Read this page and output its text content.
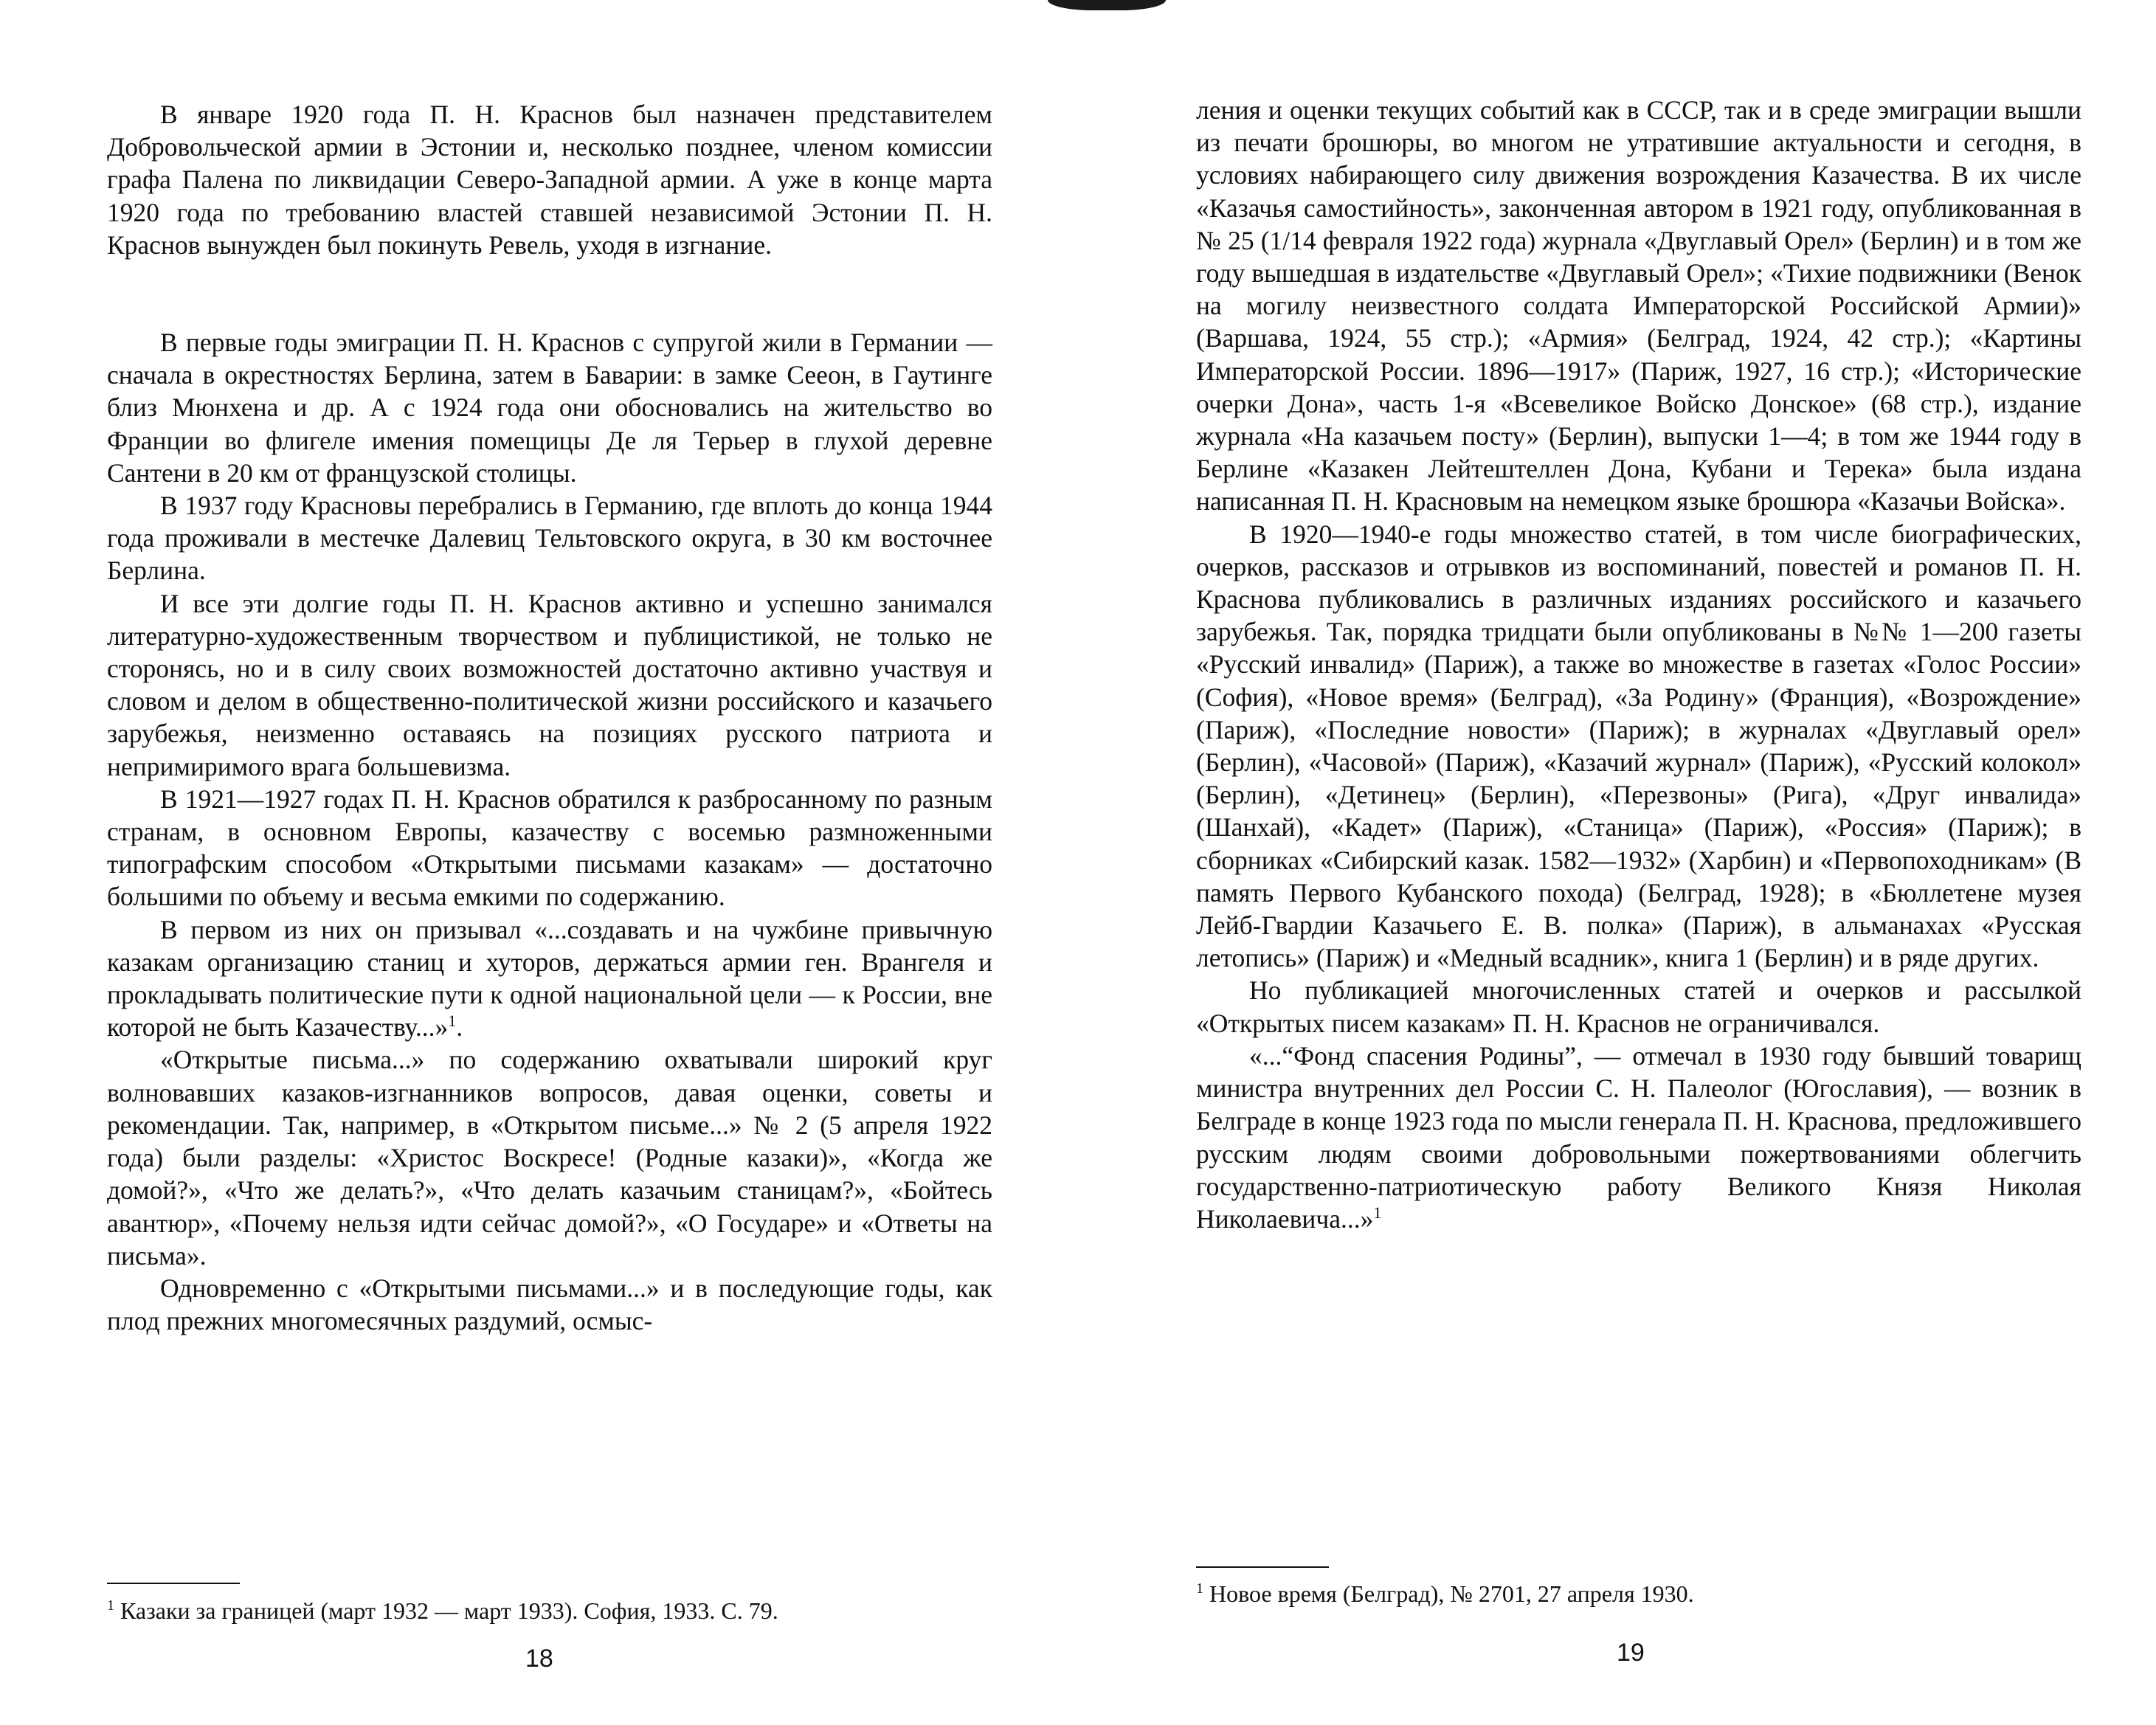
В январе 1920 года П. Н. Краснов был назначен представителем Добровольческой армии в Эстонии и, несколько позднее, членом комиссии графа Палена по ликвидации Северо-Западной армии. А уже в конце марта 1920 года по требованию властей ставшей независимой Эстонии П. Н. Краснов вынужден был покинуть Ревель, уходя в изгнание.

В первые годы эмиграции П. Н. Краснов с супругой жили в Германии — сначала в окрестностях Берлина, затем в Баварии: в замке Сееон, в Гаутинге близ Мюнхена и др. А с 1924 года они обосновались на жительство во Франции во флигеле имения помещицы Де ля Терьер в глухой деревне Сантени в 20 км от французской столицы.

В 1937 году Красновы перебрались в Германию, где вплоть до конца 1944 года проживали в местечке Далевиц Тельтовского округа, в 30 км восточнее Берлина.

И все эти долгие годы П. Н. Краснов активно и успешно занимался литературно-художественным творчеством и публицистикой, не только не сторонясь, но и в силу своих возможностей достаточно активно участвуя и словом и делом в общественно-политической жизни российского и казачьего зарубежья, неизменно оставаясь на позициях русского патриота и непримиримого врага большевизма.

В 1921—1927 годах П. Н. Краснов обратился к разбросанному по разным странам, в основном Европы, казачеству с восемью размноженными типографским способом «Открытыми письмами казакам» — достаточно большими по объему и весьма емкими по содержанию.

В первом из них он призывал «...создавать и на чужбине привычную казакам организацию станиц и хуторов, держаться армии ген. Врангеля и прокладывать политические пути к одной национальной цели — к России, вне которой не быть Казачеству...»$^1$.

«Открытые письма...» по содержанию охватывали широкий круг волновавших казаков-изгнанников вопросов, давая оценки, советы и рекомендации. Так, например, в «Открытом письме...» № 2 (5 апреля 1922 года) были разделы: «Христос Воскресе! (Родные казаки)», «Когда же домой?», «Что же делать?», «Что делать казачьим станицам?», «Бойтесь авантюр», «Почему нельзя идти сейчас домой?», «О Государе» и «Ответы на письма».

Одновременно с «Открытыми письмами...» и в последующие годы, как плод прежних многомесячных раздумий, осмыс-

$^1$ Казаки за границей (март 1932 — март 1933). София, 1933. С. 79.
18

ления и оценки текущих событий как в СССР, так и в среде эмиграции вышли из печати брошюры, во многом не утратившие актуальности и сегодня, в условиях набирающего силу движения возрождения Казачества. В их числе «Казачья самостийность», законченная автором в 1921 году, опубликованная в № 25 (1/14 февраля 1922 года) журнала «Двуглавый Орел» (Берлин) и в том же году вышедшая в издательстве «Двуглавый Орел»; «Тихие подвижники (Венок на могилу неизвестного солдата Императорской Российской Армии)» (Варшава, 1924, 55 стр.); «Армия» (Белград, 1924, 42 стр.); «Картины Императорской России. 1896—1917» (Париж, 1927, 16 стр.); «Исторические очерки Дона», часть 1-я «Всевеликое Войско Донское» (68 стр.), издание журнала «На казачьем посту» (Берлин), выпуски 1—4; в том же 1944 году в Берлине «Казакен Лейтештеллен Дона, Кубани и Терека» была издана написанная П. Н. Красновым на немецком языке брошюра «Казачьи Войска».

В 1920—1940-е годы множество статей, в том числе биографических, очерков, рассказов и отрывков из воспоминаний, повестей и романов П. Н. Краснова публиковались в различных изданиях российского и казачьего зарубежья. Так, порядка тридцати были опубликованы в №№ 1—200 газеты «Русский инвалид» (Париж), а также во множестве в газетах «Голос России» (София), «Новое время» (Белград), «За Родину» (Франция), «Возрождение» (Париж), «Последние новости» (Париж); в журналах «Двуглавый орел» (Берлин), «Часовой» (Париж), «Казачий журнал» (Париж), «Русский колокол» (Берлин), «Детинец» (Берлин), «Перезвоны» (Рига), «Друг инвалида» (Шанхай), «Кадет» (Париж), «Станица» (Париж), «Россия» (Париж); в сборниках «Сибирский казак. 1582—1932» (Харбин) и «Первопоходникам» (В память Первого Кубанского похода) (Белград, 1928); в «Бюллетене музея Лейб-Гвардии Казачьего Е. В. полка» (Париж), в альманахах «Русская летопись» (Париж) и «Медный всадник», книга 1 (Берлин) и в ряде других.

Но публикацией многочисленных статей и очерков и рассылкой «Открытых писем казакам» П. Н. Краснов не ограничивался.

«...“Фонд спасения Родины”, — отмечал в 1930 году бывший товарищ министра внутренних дел России С. Н. Палеолог (Югославия), — возник в Белграде в конце 1923 года по мысли генерала П. Н. Краснова, предложившего русским людям своими добровольными пожертвованиями облегчить государственно-патриотическую работу Великого Князя Николая Николаевича...»$^1$

$^1$ Новое время (Белград), № 2701, 27 апреля 1930.
19
